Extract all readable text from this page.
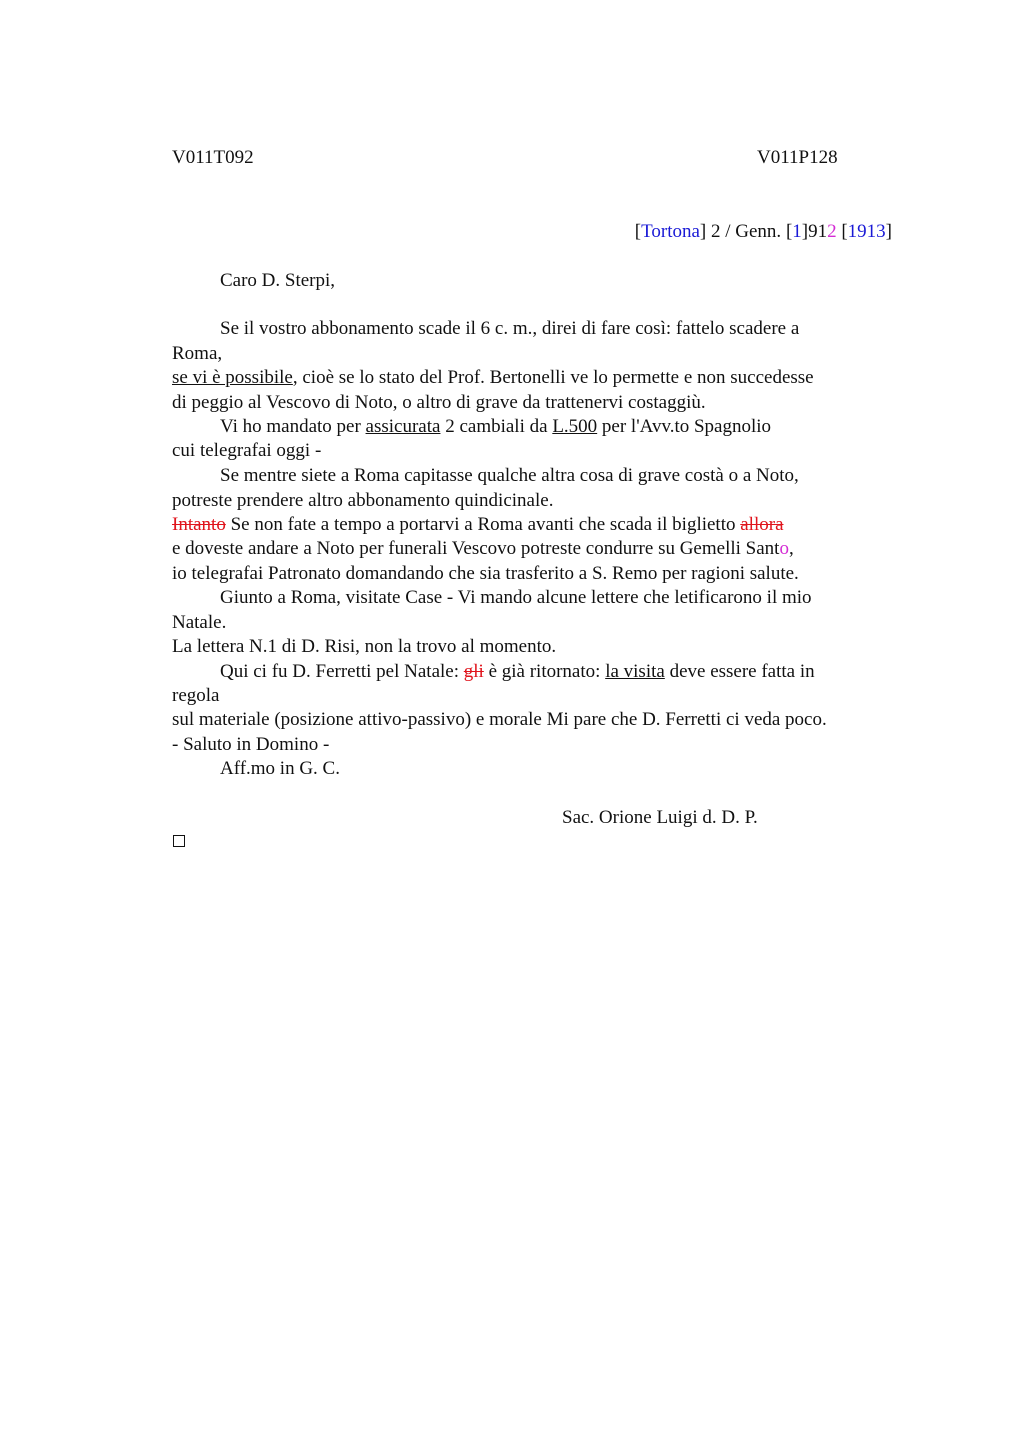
V011T092	V011P128
[Tortona] 2 / Genn. [1]912 [1913]
Caro D. Sterpi,
Se il vostro abbonamento scade il 6 c. m., direi di fare così: fattelo scadere a
Roma,
se vi è possibile, cioè se lo stato del Prof. Bertonelli ve lo permette e non succedesse
di peggio al Vescovo di Noto, o altro di grave da trattenervi costaggiù.
Vi ho mandato per assicurata 2 cambiali da L.500 per l'Avv.to Spagnolio
cui telegrafai oggi -
Se mentre siete a Roma capitasse qualche altra cosa di grave costà o a Noto,
potreste prendere altro abbonamento quindicinale.
Intanto Se non fate a tempo a portarvi a Roma avanti che scada il biglietto allora
e doveste andare a Noto per funerali Vescovo potreste condurre su Gemelli Santo,
io telegrafai Patronato domandando che sia trasferito a S. Remo per ragioni salute.
Giunto a Roma, visitate Case - Vi mando alcune lettere che letificarono il mio
Natale.
La lettera N.1 di D. Risi, non la trovo al momento.
Qui ci fu D. Ferretti pel Natale: gli è già ritornato: la visita deve essere fatta in
regola
sul materiale (posizione attivo-passivo) e morale Mi pare che D. Ferretti ci veda poco.
- Saluto in Domino -
Aff.mo in G. C.
Sac. Orione Luigi d. D. P.
